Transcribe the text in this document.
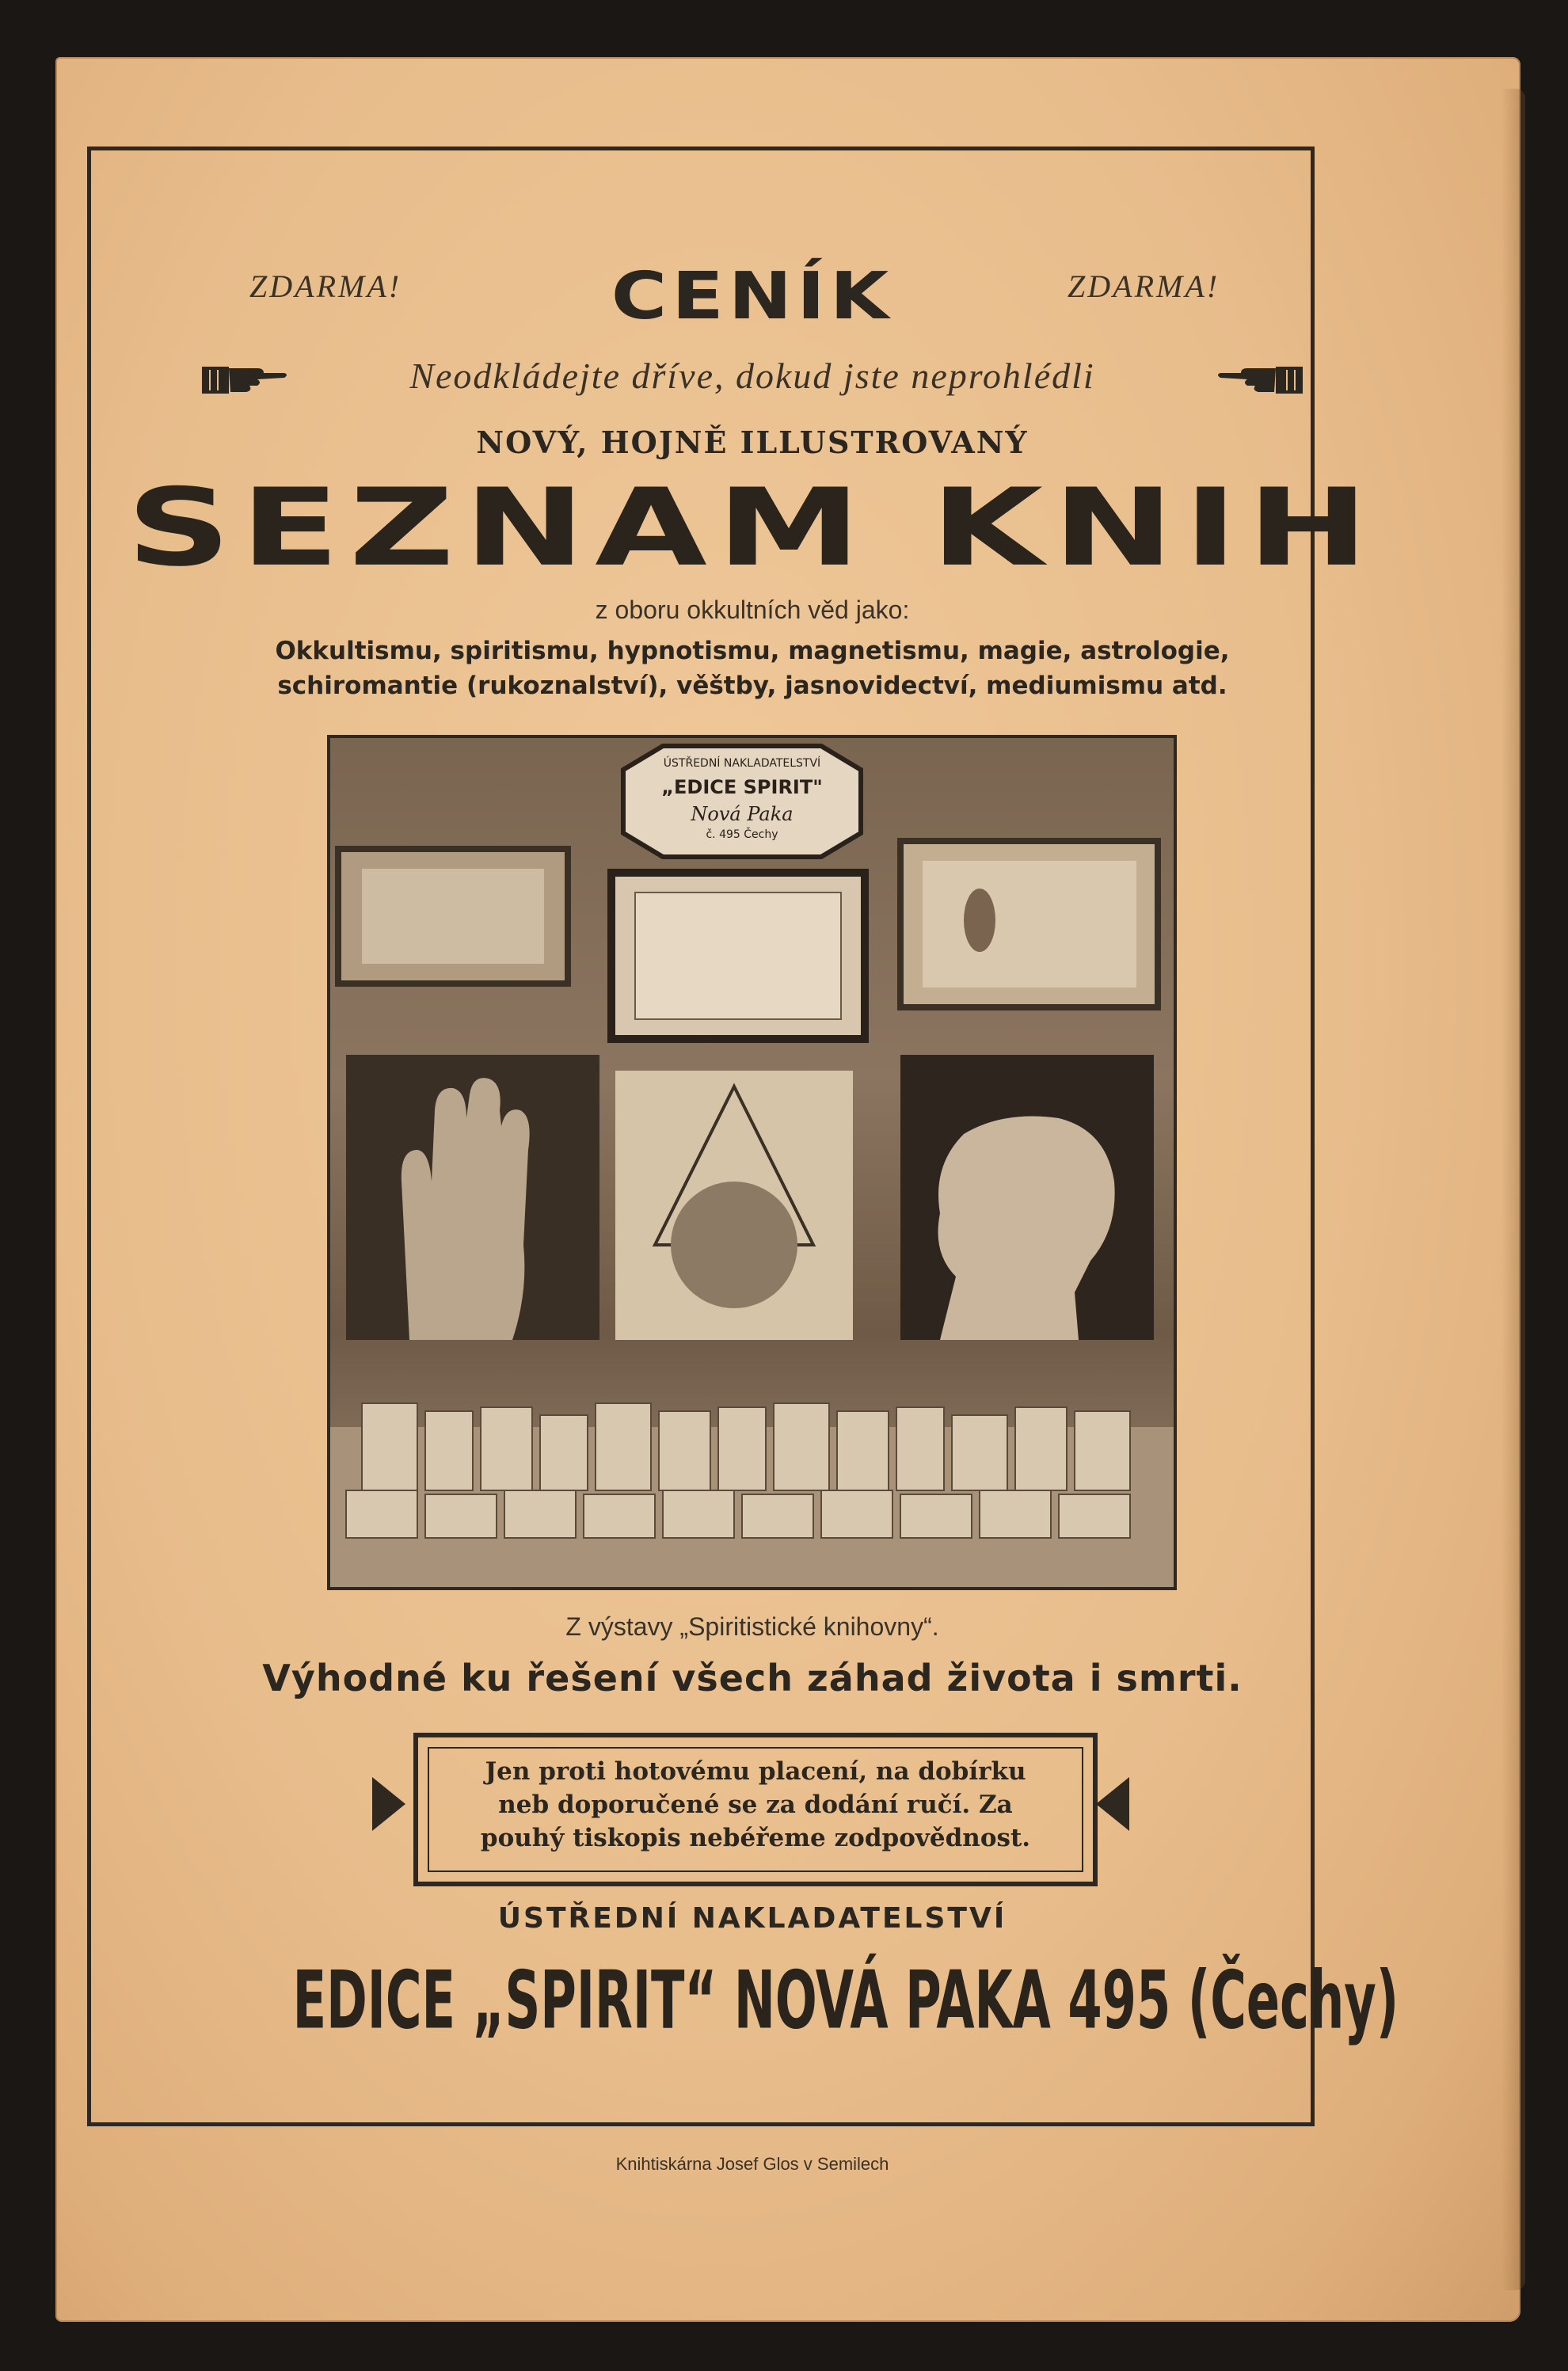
ZDARMA!	CENÍK	ZDARMA!
Neodkládejte dříve, dokud jste neprohlédli
NOVÝ, HOJNĚ ILLUSTROVANÝ
SEZNAM KNIH
z oboru okkultních věd jako:
Okkultismu, spiritismu, hypnotismu, magnetismu, magie, astrologie,
schiromantie (rukoznalství), věštby, jasnovidectví, mediumismu atd.
ÚSTŘEDNÍ NAKLADATELSTVÍ
„EDICE SPIRIT"
Nová Paka
č. 495 Čechy
Z výstavy „Spiritistické knihovny“.
Výhodné ku řešení všech záhad života i smrti.
Jen proti hotovému placení, na dobírku
neb doporučené se za dodání ručí. Za
pouhý tiskopis nebéřeme zodpovědnost.
ÚSTŘEDNÍ NAKLADATELSTVÍ
EDICE „SPIRIT“ NOVÁ PAKA 495 (Čechy)
Knihtiskárna Josef Glos v Semilech
